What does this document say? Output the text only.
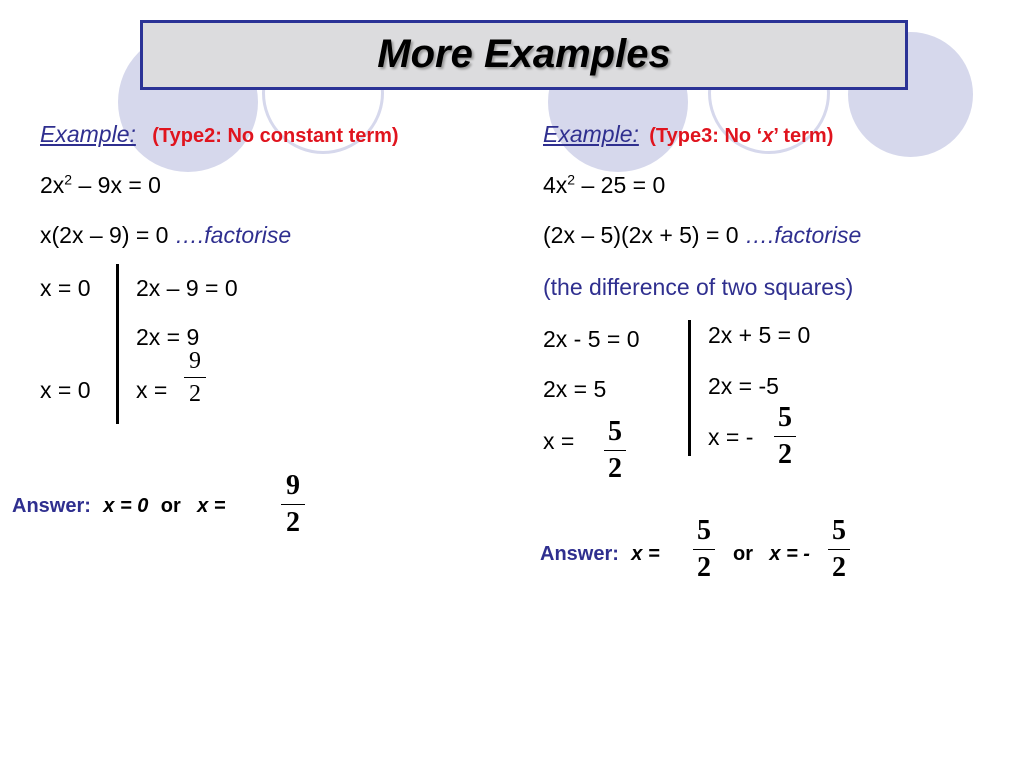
More Examples
Example: (Type2: No constant term)
$2x^2 - 9x = 0$
x(2x – 9) = 0 ….factorise
x = 0 2x – 9 = 0
2x = 9
x = 0 x =
9
2
Answer: x = 0 or x =
9
2
Example: (Type3: No ‘x’ term)
$4x^2 - 25 = 0$
(2x – 5)(2x + 5) = 0 ….factorise
(the difference of two squares)
2x - 5 = 0	2x + 5 = 0
2x = 5	2x = -5
x = 5
2
x = -
5
2
Answer: x =
5
2 or x = -
5
2
